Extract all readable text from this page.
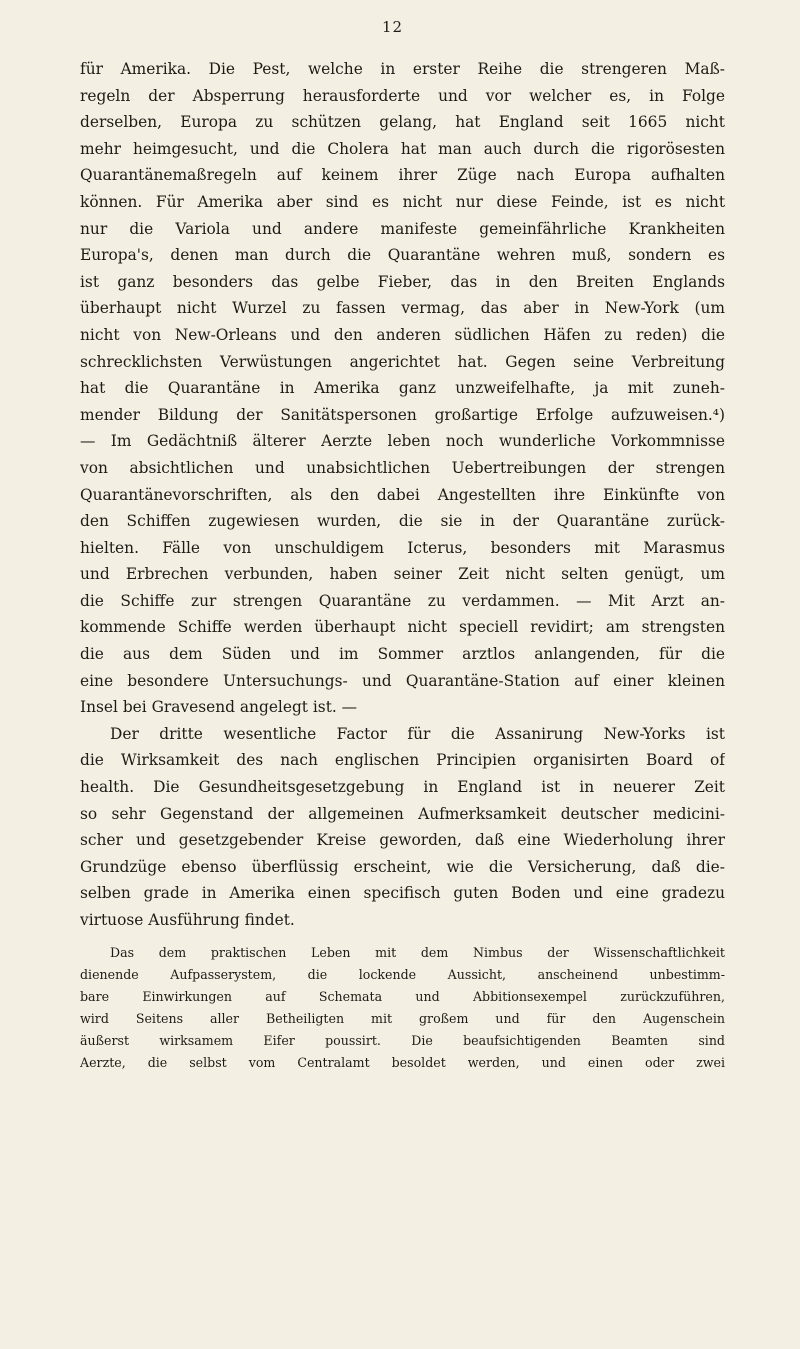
12
für Amerika. Die Pest, welche in erster Reihe die strengeren Maß-
regeln der Absperrung herausforderte und vor welcher es, in Folge
derselben, Europa zu schützen gelang, hat England seit 1665 nicht
mehr heimgesucht, und die Cholera hat man auch durch die rigorösesten
Quarantänemaßregeln auf keinem ihrer Züge nach Europa aufhalten
können. Für Amerika aber sind es nicht nur diese Feinde, ist es nicht
nur die Variola und andere manifeste gemeinfährliche Krankheiten
Europa's, denen man durch die Quarantäne wehren muß, sondern es
ist ganz besonders das gelbe Fieber, das in den Breiten Englands
überhaupt nicht Wurzel zu fassen vermag, das aber in New-York (um
nicht von New-Orleans und den anderen südlichen Häfen zu reden) die
schrecklichsten Verwüstungen angerichtet hat. Gegen seine Verbreitung
hat die Quarantäne in Amerika ganz unzweifelhafte, ja mit zuneh-
mender Bildung der Sanitätspersonen großartige Erfolge aufzuweisen.⁴)
— Im Gedächtniß älterer Aerzte leben noch wunderliche Vorkommnisse
von absichtlichen und unabsichtlichen Uebertreibungen der strengen
Quarantänevorschriften, als den dabei Angestellten ihre Einkünfte von
den Schiffen zugewiesen wurden, die sie in der Quarantäne zurück-
hielten. Fälle von unschuldigem Icterus, besonders mit Marasmus
und Erbrechen verbunden, haben seiner Zeit nicht selten genügt, um
die Schiffe zur strengen Quarantäne zu verdammen. — Mit Arzt an-
kommende Schiffe werden überhaupt nicht speciell revidirt; am strengsten
die aus dem Süden und im Sommer arztlos anlangenden, für die
eine besondere Untersuchungs- und Quarantäne-Station auf einer kleinen
Insel bei Gravesend angelegt ist. —
Der dritte wesentliche Factor für die Assanirung New-Yorks ist
die Wirksamkeit des nach englischen Principien organisirten Board of
health. Die Gesundheitsgesetzgebung in England ist in neuerer Zeit
so sehr Gegenstand der allgemeinen Aufmerksamkeit deutscher medicini-
scher und gesetzgebender Kreise geworden, daß eine Wiederholung ihrer
Grundzüge ebenso überflüssig erscheint, wie die Versicherung, daß die-
selben grade in Amerika einen specifisch guten Boden und eine gradezu
virtuose Ausführung findet.
Das dem praktischen Leben mit dem Nimbus der Wissenschaftlichkeit
dienende Aufpasserystem, die lockende Aussicht, anscheinend unbestimm-
bare Einwirkungen auf Schemata und Abbitionsexempel zurückzuführen,
wird Seitens aller Betheiligten mit großem und für den Augenschein
äußerst wirksamem Eifer poussirt. Die beaufsichtigenden Beamten sind
Aerzte, die selbst vom Centralamt besoldet werden, und einen oder zwei
